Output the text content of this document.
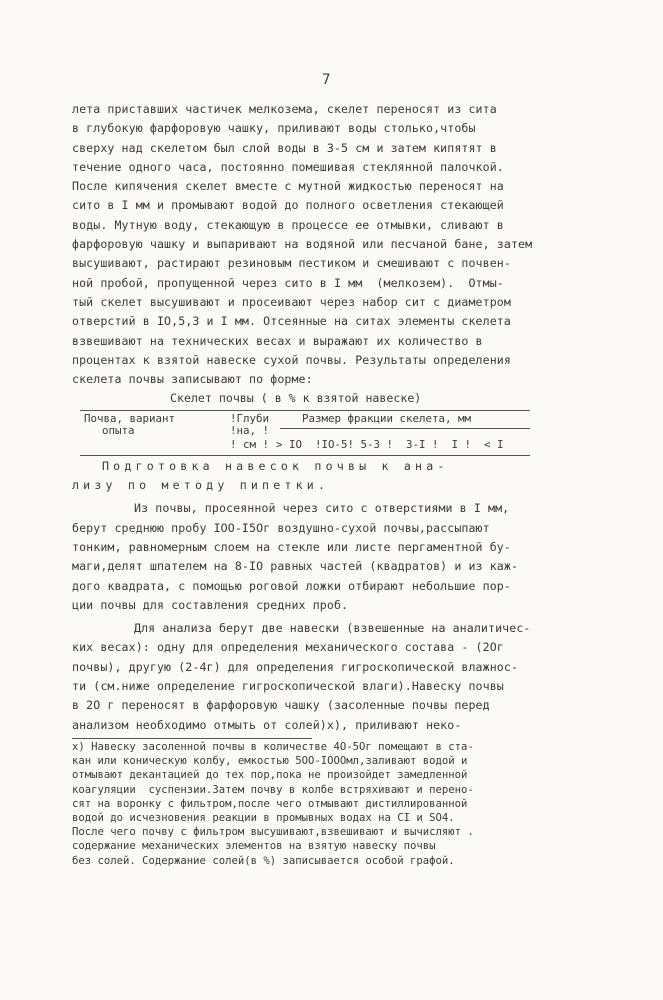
7
лета приставших частичек мелкозема, скелет переносят из сита
в глубокую фарфоровую чашку, приливают воды столько,чтобы
сверху над скелетом был слой воды в 3-5 см и затем кипятят в
течение одного часа, постоянно помешивая стеклянной палочкой.
После кипячения скелет вместе с мутной жидкостью переносят на
сито в I мм и промывают водой до полного осветления стекающей
воды. Мутную воду, стекающую в процессе ее отмывки, сливают в
фарфоровую чашку и выпаривают на водяной или песчаной бане, затем
высушивают, растирают резиновым пестиком и смешивают с почвен-
ной пробой, пропущенной через сито в I мм  (мелкозем).  Отмы-
тый скелет высушивают и просеивают через набор сит с диаметром
отверстий в IO,5,3 и I мм. Отсеянные на ситах элементы скелета
взвешивают на технических весах и выражают их количество в
процентах к взятой навеске сухой почвы. Результаты определения
скелета почвы записывают по форме:
Скелет почвы ( в % к взятой навеске)
Почва, вариант
опыта
!Глуби
!на, !
! см !
Размер фракции скелета, мм
> IO  !IO-5! 5-3 !  3-I !  I !  < I
Подготовка навесок почвы к ана-
лизу по методу пипетки.
Из почвы, просеянной через сито с отверстиями в I мм,
берут среднюю пробу IOO-I5Oг воздушно-сухой почвы,рассыпают
тонким, равномерным слоем на стекле или листе пергаментной бу-
маги,делят шпателем на 8-IO равных частей (квадратов) и из каж-
дого квадрата, с помощью роговой ложки отбирают небольшие пор-
ции почвы для составления средних проб.
Для анализа берут две навески (взвешенные на аналитичес-
ких весах): одну для определения механического состава - (2Oг
почвы), другую (2-4г) для определения гигроскопической влажнос-
ти (см.ниже определение гигроскопической влаги).Навеску почвы
в 2O г переносят в фарфоровую чашку (засоленные почвы перед
анализом необходимо отмыть от солей)x), приливают неко-
x) Навеску засоленной почвы в количестве 4O-5Oг помещают в ста-
кан или коническую колбу, емкостью 5OO-IOOOмл,заливают водой и
отмывают декантацией до тех пор,пока не произойдет замедленной
коагуляции  суспензии.Затем почву в колбе встряхивают и перено-
сят на воронку с фильтром,после чего отмывают дистиллированной
водой до исчезновения реакции в промывных водах на CI и SO4.
После чего почву с фильтром высушивают,взвешивают и вычисляют .
содержание механических элементов на взятую навеску почвы
без солей. Содержание солей(в %) записывается особой графой.
